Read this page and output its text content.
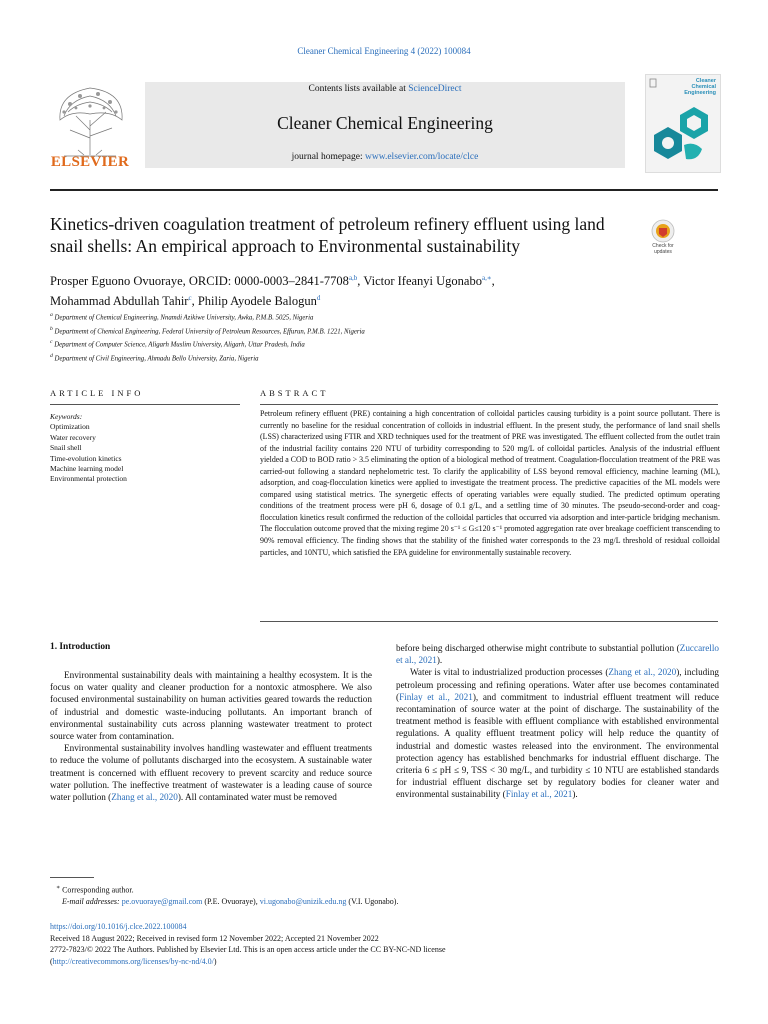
Cleaner Chemical Engineering 4 (2022) 100084
ELSEVIER
Contents lists available at ScienceDirect
Cleaner Chemical Engineering
journal homepage: www.elsevier.com/locate/clce
Cleaner Chemical Engineering
Kinetics-driven coagulation treatment of petroleum refinery effluent using land snail shells: An empirical approach to Environmental sustainability	Check for updates
Prosper Eguono Ovuoraye, ORCID: 0000-0003–2841-7708$^{a,b}$, Victor Ifeanyi Ugonabo$^{a,∗}$,
Mohammad Abdullah Tahir$^c$, Philip Ayodele Balogun$^d$
$^a$ Department of Chemical Engineering, Nnamdi Azikiwe University, Awka, P.M.B. 5025, Nigeria
$^b$ Departmemt of Chemical Engineering, Federal University of Petroleum Resources, Effurun, P.M.B. 1221, Nigeria
$^c$ Department of Computer Science, Aligarh Muslim University, Aligarh, Uttar Pradesh, India
$^d$ Department of Civil Engineering, Ahmadu Bello University, Zaria, Nigeria
ARTICLE INFO	ABSTRACT
Keywords:
Optimization
Water recovery
Snail shell
Time-evolution kinetics
Machine learning model
Environmental protection
Petroleum refinery effluent (PRE) containing a high concentration of colloidal particles causing turbidity is a point source pollutant. There is currently no baseline for the residual concentration of colloids in industrial effluent. In the present study, the performance of land snail shells (LSS) characterized using FTIR and XRD techniques used for the treatment of PRE was investigated. The effluent collected from the outlet train of the industrial facility contains 220 NTU of turbidity corresponding to 520 mg/L of colloidal particles. Analysis of the industrial effluent yielded a COD to BOD ratio > 3.5 eliminating the option of a biological method of treatment. Coagulation-flocculation treatment of the PRE was carried-out following a standard nephelometric test. To clarify the applicability of LSS beyond removal efficiency, machine learning (ML), adsorption, and coag-flocculation kinetics were applied to investigate the treatment process. The predictive capacities of the ML models were compared using statistical metrics. The synergetic effects of operating variables were equally studied. The predicted optimum operating conditions of the treatment process were pH 6, dosage of 0.1 g/L, and a settling time of 30 minutes. The pseudo-second-order and coag-flocculation kinetics result confirmed the reduction of the colloidal particles that occurred via adsorption and inter-particle bridging mechanism. The flocculation outcome proved that the mixing regime 20 s⁻¹ ≤ G≤120 s⁻¹ promoted aggregation rate over breakage coefficient transcending to 90% removal efficiency. The finding shows that the stability of the finished water corresponds to the 23 mg/L threshold of residual colloidal particles, and 10NTU, which satisfied the EPA guideline for environmentally sustainable recovery.
1. Introduction

Environmental sustainability deals with maintaining a healthy ecosystem. It is the focus on water quality and cleaner production for a nontoxic atmosphere. We also focused environmental sustainability on human activities geared towards the reduction of industrial and domestic waste-inducing pollutants. An important branch of environmental sustainability cuts across planning wastewater treatment to protect source water from contamination.

Environmental sustainability involves handling wastewater and effluent treatments to reduce the volume of pollutants discharged into the ecosystem. A sustainable water treatment is concerned with effluent recovery to prevent scarcity and reduce source water pollution. The ineffective treatment of wastewater is a leading cause of source water pollution (Zhang et al., 2020). All contaminated water must be removed

before being discharged otherwise might contribute to substantial pollution (Zuccarello et al., 2021).

Water is vital to industrialized production processes (Zhang et al., 2020), including petroleum processing and refining operations. Water after use becomes contaminated (Finlay et al., 2021), and commitment to industrial effluent treatment will reduce recontamination of source water at the point of discharge. The sustainability of the treatment method is feasible with effluent compliance with established environmental regulations. A quality effluent treatment policy will help reduce the quantity of industrial and domestic wastes released into the environment. The environmental protection agency has established benchmarks for industrial effluent discharge. The criteria 6 ≤ pH ≤ 9, TSS < 30 mg/L, and turbidity ≤ 10 NTU are established standards for industrial effluent discharge set by regulatory bodies for cleaner water and environmental sustainability (Finlay et al., 2021).

∗ Corresponding author.
E-mail addresses: pe.ovuoraye@gmail.com (P.E. Ovuoraye), vi.ugonabo@unizik.edu.ng (V.I. Ugonabo).
https://doi.org/10.1016/j.clce.2022.100084
Received 18 August 2022; Received in revised form 12 November 2022; Accepted 21 November 2022
2772-7823/© 2022 The Authors. Published by Elsevier Ltd. This is an open access article under the CC BY-NC-ND license
(http://creativecommons.org/licenses/by-nc-nd/4.0/)
